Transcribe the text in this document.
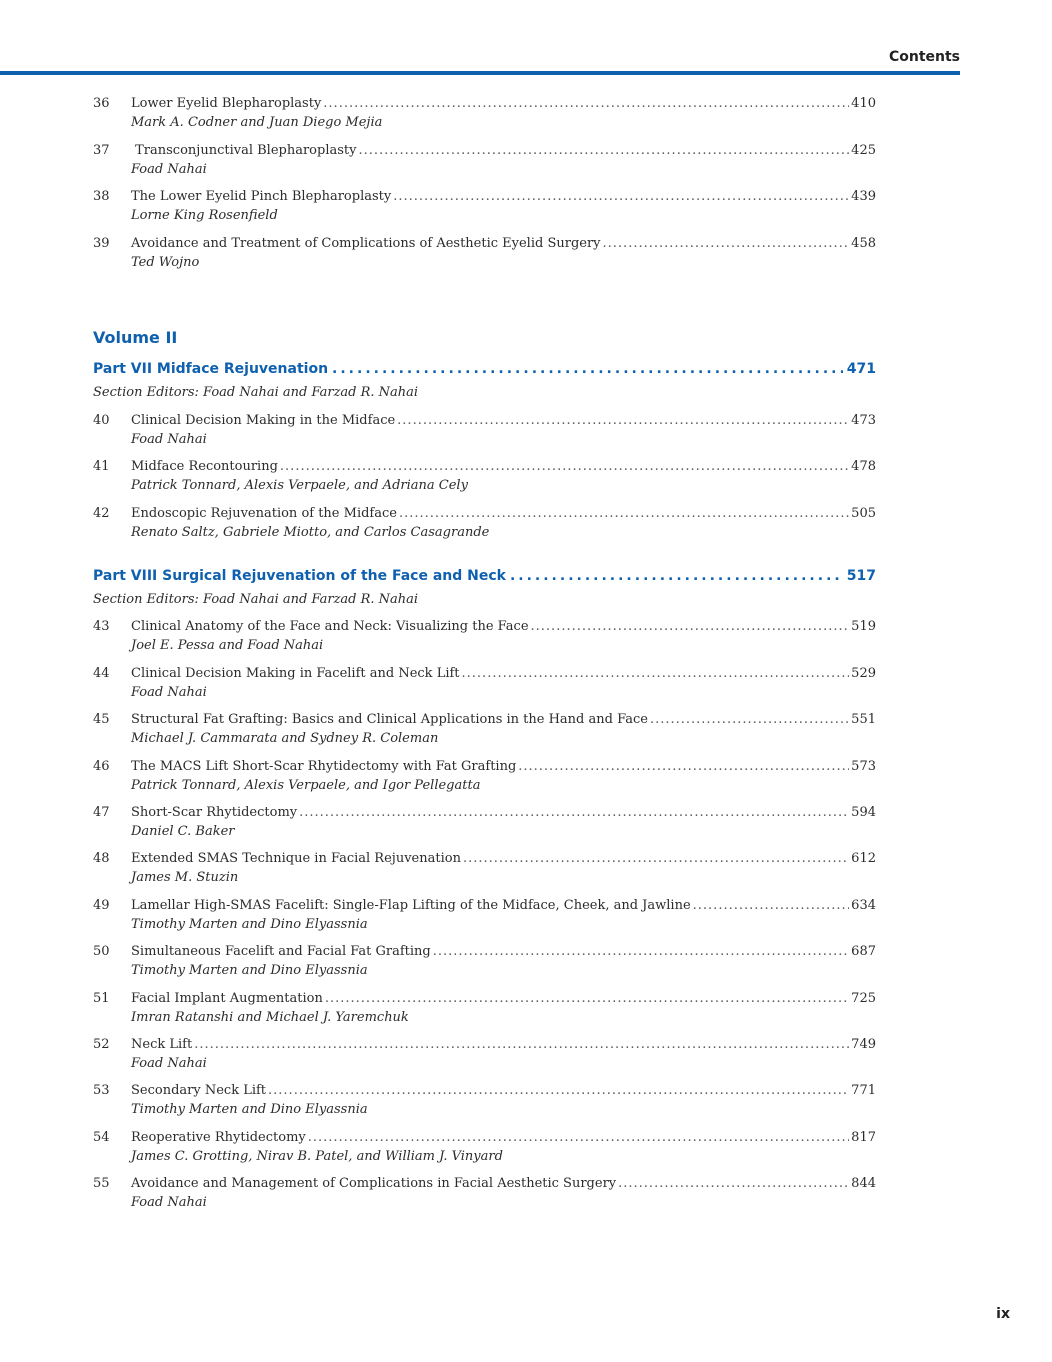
Contents
36 Lower Eyelid Blepharoplasty .....	410
Mark A. Codner and Juan Diego Mejia
37 Transconjunctival Blepharoplasty .....	425
Foad Nahai
38 The Lower Eyelid Pinch Blepharoplasty .....	439
Lorne King Rosenfield
39 Avoidance and Treatment of Complications of Aesthetic Eyelid Surgery .....	458
Ted Wojno
Volume II
Part VII Midface Rejuvenation .....	471
Section Editors: Foad Nahai and Farzad R. Nahai
40 Clinical Decision Making in the Midface .....	473
Foad Nahai
41 Midface Recontouring .....	478
Patrick Tonnard, Alexis Verpaele, and Adriana Cely
42 Endoscopic Rejuvenation of the Midface .....	505
Renato Saltz, Gabriele Miotto, and Carlos Casagrande
Part VIII Surgical Rejuvenation of the Face and Neck .....	517
Section Editors: Foad Nahai and Farzad R. Nahai
43 Clinical Anatomy of the Face and Neck: Visualizing the Face .....	519
Joel E. Pessa and Foad Nahai
44 Clinical Decision Making in Facelift and Neck Lift .....	529
Foad Nahai
45 Structural Fat Grafting: Basics and Clinical Applications in the Hand and Face .....	551
Michael J. Cammarata and Sydney R. Coleman
46 The MACS Lift Short-Scar Rhytidectomy with Fat Grafting .....	573
Patrick Tonnard, Alexis Verpaele, and Igor Pellegatta
47 Short-Scar Rhytidectomy .....	594
Daniel C. Baker
48 Extended SMAS Technique in Facial Rejuvenation .....	612
James M. Stuzin
49 Lamellar High-SMAS Facelift: Single-Flap Lifting of the Midface, Cheek, and Jawline .....	634
Timothy Marten and Dino Elyassnia
50 Simultaneous Facelift and Facial Fat Grafting .....	687
Timothy Marten and Dino Elyassnia
51 Facial Implant Augmentation .....	725
Imran Ratanshi and Michael J. Yaremchuk
52 Neck Lift .....	749
Foad Nahai
53 Secondary Neck Lift .....	771
Timothy Marten and Dino Elyassnia
54 Reoperative Rhytidectomy .....	817
James C. Grotting, Nirav B. Patel, and William J. Vinyard
55 Avoidance and Management of Complications in Facial Aesthetic Surgery .....	844
Foad Nahai
ix
